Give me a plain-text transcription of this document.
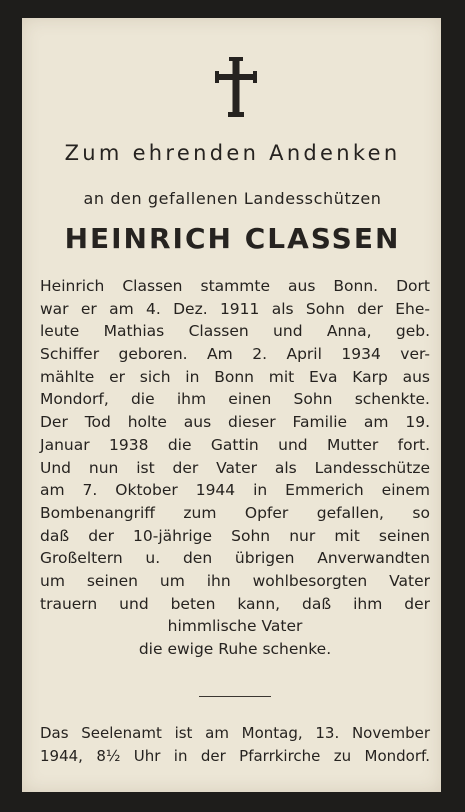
Zum ehrenden Andenken
an den gefallenen Landesschützen
HEINRICH CLASSEN
Heinrich Classen stammte aus Bonn. Dort
war er am 4. Dez. 1911 als Sohn der Ehe-
leute Mathias Classen und Anna, geb.
Schiffer geboren. Am 2. April 1934 ver-
mählte er sich in Bonn mit Eva Karp aus
Mondorf, die ihm einen Sohn schenkte.
Der Tod holte aus dieser Familie am 19.
Januar 1938 die Gattin und Mutter fort.
Und nun ist der Vater als Landesschütze
am 7. Oktober 1944 in Emmerich einem
Bombenangriff zum Opfer gefallen, so
daß der 10-jährige Sohn nur mit seinen
Großeltern u. den übrigen Anverwandten
um seinen um ihn wohlbesorgten Vater
trauern und beten kann, daß ihm der
himmlische Vater
die ewige Ruhe schenke.
Das Seelenamt ist am Montag, 13. November
1944, 8½ Uhr in der Pfarrkirche zu Mondorf.
